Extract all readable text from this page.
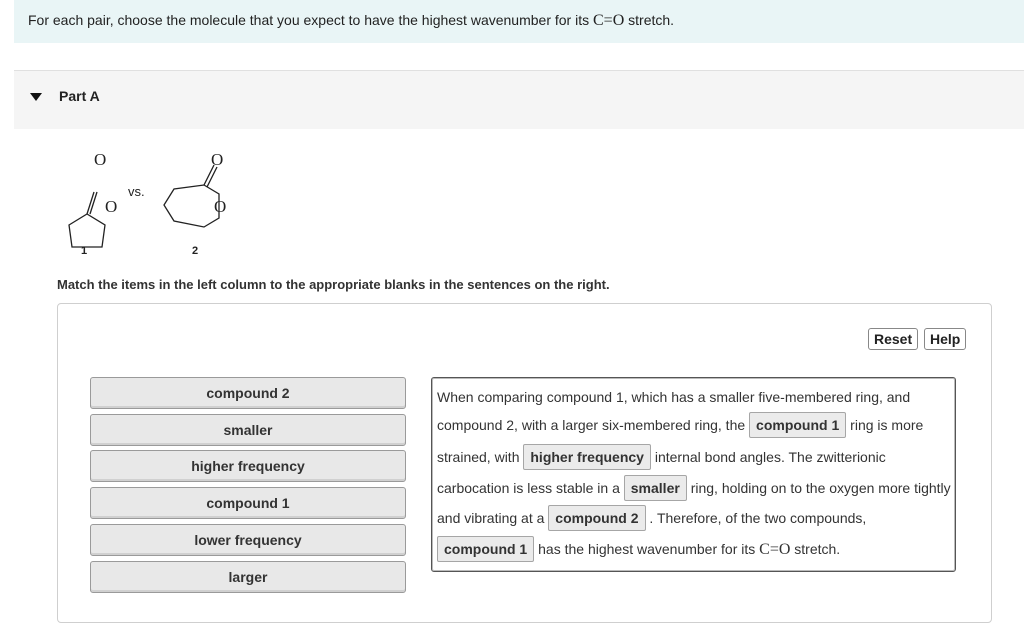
For each pair, choose the molecule that you expect to have the highest wavenumber for its C=O stretch.
Part A
O
O
vs.
O
O
1	2
Match the items in the left column to the appropriate blanks in the sentences on the right.
Reset	Help
compound 2
smaller
higher frequency
compound 1
lower frequency
larger
When comparing compound 1, which has a smaller five-membered ring, and
compound 2, with a larger six-membered ring, the compound 1 ring is more
strained, with higher frequency internal bond angles. The zwitterionic
carbocation is less stable in a smaller ring, holding on to the oxygen more tightly
and vibrating at a compound 2 . Therefore, of the two compounds,
compound 1 has the highest wavenumber for its C=O stretch.
